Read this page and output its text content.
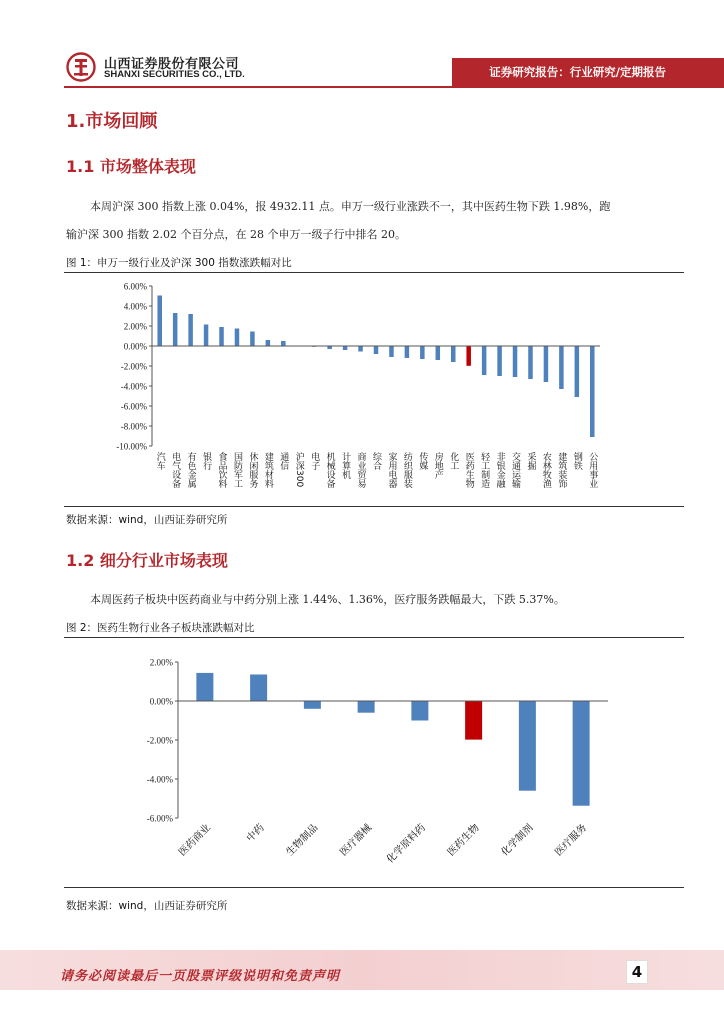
山西证券股份有限公司
SHANXI SECURITIES CO., LTD.	证券研究报告：行业研究/定期报告
1.市场回顾
1.1 市场整体表现
本周沪深 300 指数上涨 0.04%，报 4932.11 点。申万一级行业涨跌不一，其中医药生物下跌 1.98%，跑
输沪深 300 指数 2.02 个百分点，在 28 个申万一级子行中排名 20。
图 1：申万一级行业及沪深 300 指数涨跌幅对比
6.00%
4.00%
2.00%
0.00%
-2.00%
-4.00%
-6.00%
-8.00%
-10.00%
汽车 电气设备 有色金属 银行 食品饮料 国防军工 休闲服务 建筑材料 通信 沪深300 电子 机械设备 计算机 商业贸易 综合 家用电器 纺织服装 传媒 房地产 化工 医药生物 轻工制造 非银金融 交通运输 采掘 农林牧渔 建筑装饰 钢铁 公用事业
数据来源：wind，山西证券研究所
1.2 细分行业市场表现
本周医药子板块中医药商业与中药分别上涨 1.44%、1.36%，医疗服务跌幅最大，下跌 5.37%。
图 2：医药生物行业各子板块涨跌幅对比
2.00%
0.00%
-2.00%
-4.00%
-6.00%
医药商业	中药 生物制品 医疗器械 化学原料药 医药生物 化学制剂 医疗服务
数据来源：wind，山西证券研究所
请务必阅读最后一页股票评级说明和免责声明	4
